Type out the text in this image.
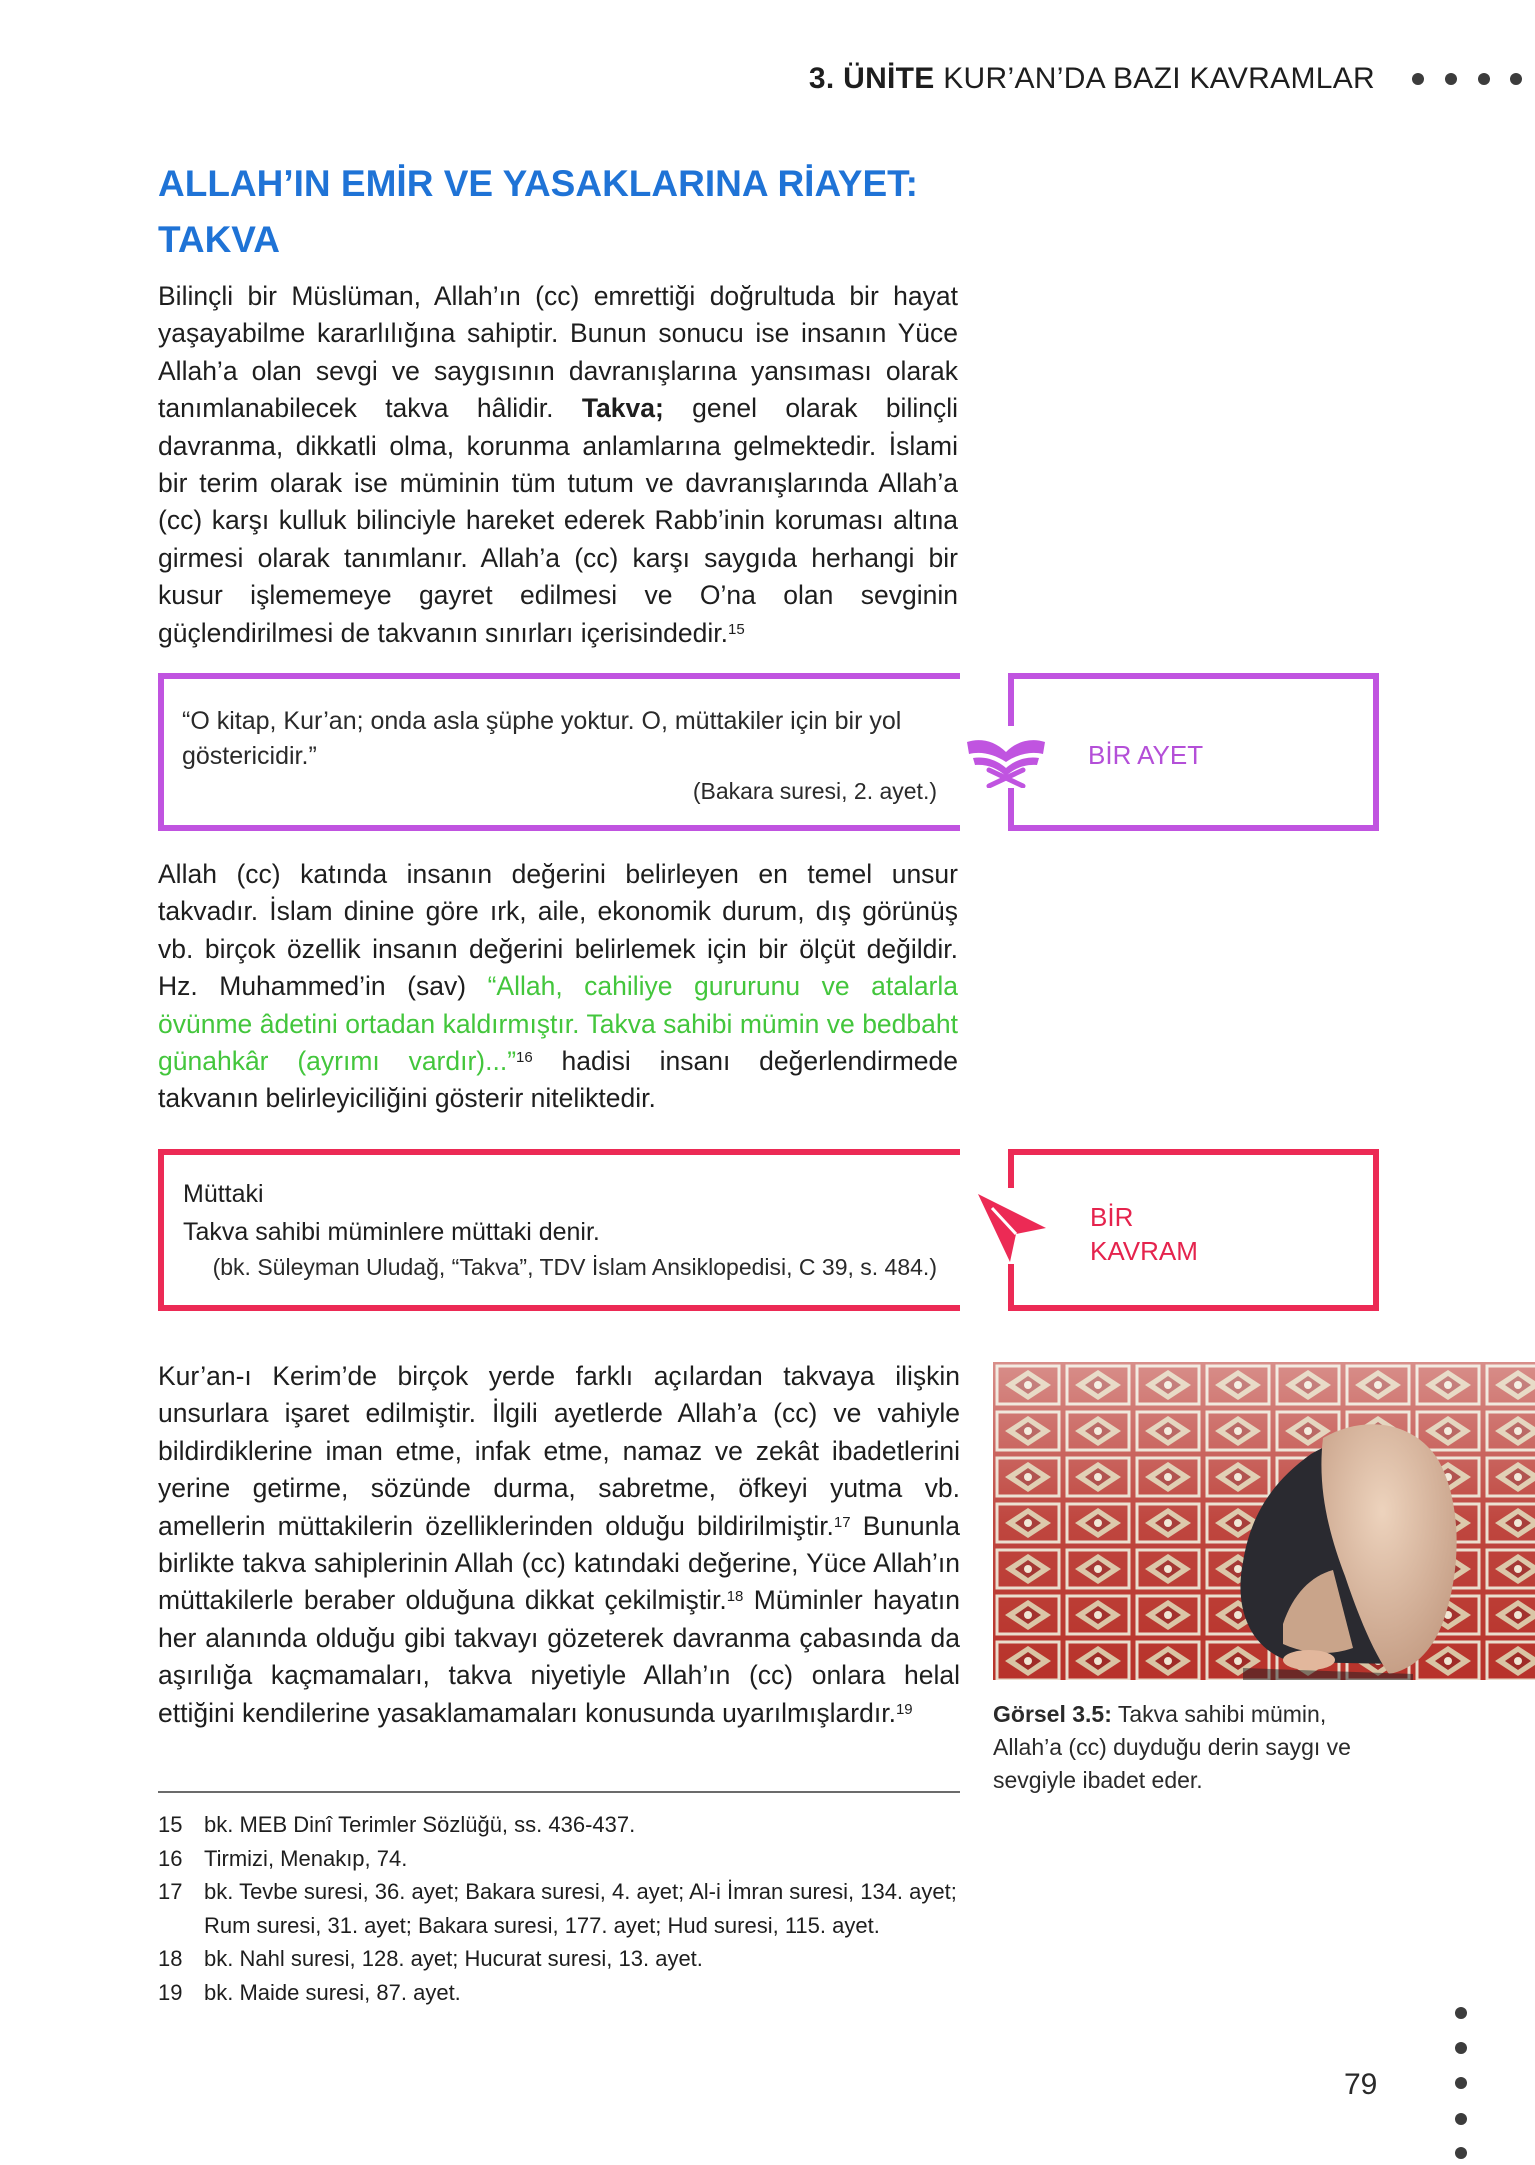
3. ÜNİTE KUR’AN’DA BAZI KAVRAMLAR
ALLAH’IN EMİR VE YASAKLARINA RİAYET:
TAKVA
Bilinçli bir Müslüman, Allah’ın (cc) emrettiği doğrultuda bir hayat yaşayabilme kararlılığına sahiptir. Bunun sonucu ise insanın Yüce Allah’a olan sevgi ve saygısının davranışlarına yansıması olarak tanımlanabilecek takva hâlidir. Takva; genel olarak bilinçli davranma, dikkatli olma, korunma anlamlarına gelmektedir. İslami bir terim olarak ise müminin tüm tutum ve davranışlarında Allah’a (cc) karşı kulluk bilinciyle hareket ederek Rabb’inin koruması altına girmesi olarak tanımlanır. Allah’a (cc) karşı saygıda herhangi bir kusur işlememeye gayret edilmesi ve O’na olan sevginin güçlendirilmesi de takvanın sınırları içerisindedir.$^{15}$
“O kitap, Kur’an; onda asla şüphe yoktur. O, müttakiler için bir yol göstericidir.”
(Bakara suresi, 2. ayet.)
BİR AYET
Allah (cc) katında insanın değerini belirleyen en temel unsur takvadır. İslam dinine göre ırk, aile, ekonomik durum, dış görünüş vb. birçok özellik insanın değerini belirlemek için bir ölçüt değildir. Hz. Muhammed’in (sav) “Allah, cahiliye gururunu ve atalarla övünme âdetini ortadan kaldırmıştır. Takva sahibi mümin ve bedbaht günahkâr (ayrımı vardır)...”$^{16}$ hadisi insanı değerlendirmede takvanın belirleyiciliğini gösterir niteliktedir.
Müttaki
Takva sahibi müminlere müttaki denir.
(bk. Süleyman Uludağ, “Takva”, TDV İslam Ansiklopedisi, C 39, s. 484.)
BİR
KAVRAM
Kur’an-ı Kerim’de birçok yerde farklı açılardan takvaya ilişkin unsurlara işaret edilmiştir. İlgili ayetlerde Allah’a (cc) ve vahiyle bildirdiklerine iman etme, infak etme, namaz ve zekât ibadetlerini yerine getirme, sözünde durma, sabretme, öfkeyi yutma vb. amellerin müttakilerin özelliklerinden olduğu bildirilmiştir.$^{17}$ Bununla birlikte takva sahiplerinin Allah (cc) katındaki değerine, Yüce Allah’ın müttakilerle beraber olduğuna dikkat çekilmiştir.$^{18}$ Müminler hayatın her alanında olduğu gibi takvayı gözeterek davranma çabasında da aşırılığa kaçmamaları, takva niyetiyle Allah’ın (cc) onlara helal ettiğini kendilerine yasaklamamaları konusunda uyarılmışlardır.$^{19}$	Görsel 3.5: Takva sahibi mümin, Allah’a (cc) duyduğu derin saygı ve sevgiyle ibadet eder.
15 bk. MEB Dinî Terimler Sözlüğü, ss. 436-437.
16 Tirmizi, Menakıp, 74.
17 bk. Tevbe suresi, 36. ayet; Bakara suresi, 4. ayet; Al-i İmran suresi, 134. ayet; Rum suresi, 31. ayet; Bakara suresi, 177. ayet; Hud suresi, 115. ayet.
18 bk. Nahl suresi, 128. ayet; Hucurat suresi, 13. ayet.
19 bk. Maide suresi, 87. ayet.
79
